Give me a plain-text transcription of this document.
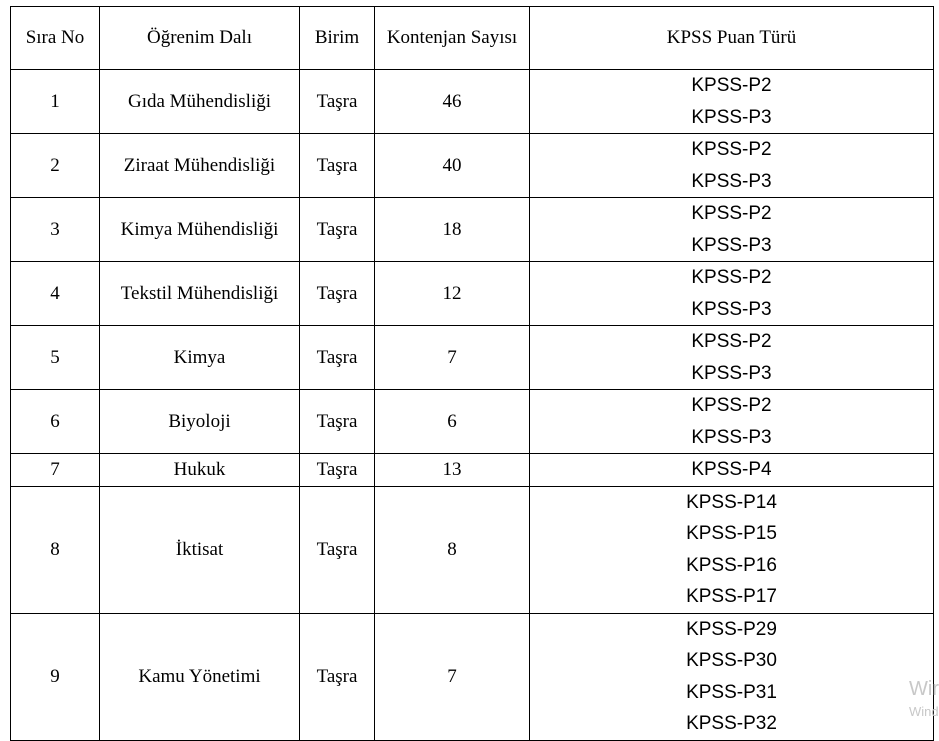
Sıra No	Öğrenim Dalı	Birim	Kontenjan Sayısı	KPSS Puan Türü
1	Gıda Mühendisliği	Taşra	46	KPSS-P2
KPSS-P3

2	Ziraat Mühendisliği	Taşra	40	KPSS-P2
KPSS-P3

3	Kimya Mühendisliği	Taşra	18	KPSS-P2
KPSS-P3

4	Tekstil Mühendisliği	Taşra	12	KPSS-P2
KPSS-P3

5	Kimya	Taşra	7	KPSS-P2
KPSS-P3

6	Biyoloji	Taşra	6	KPSS-P2
KPSS-P3

7	Hukuk	Taşra	13	KPSS-P4

8	İktisat	Taşra	8	KPSS-P14
KPSS-P15
KPSS-P16
KPSS-P17

9	Kamu Yönetimi	Taşra	7	KPSS-P29
KPSS-P30
KPSS-P31
KPSS-P32
Wir
Wind
